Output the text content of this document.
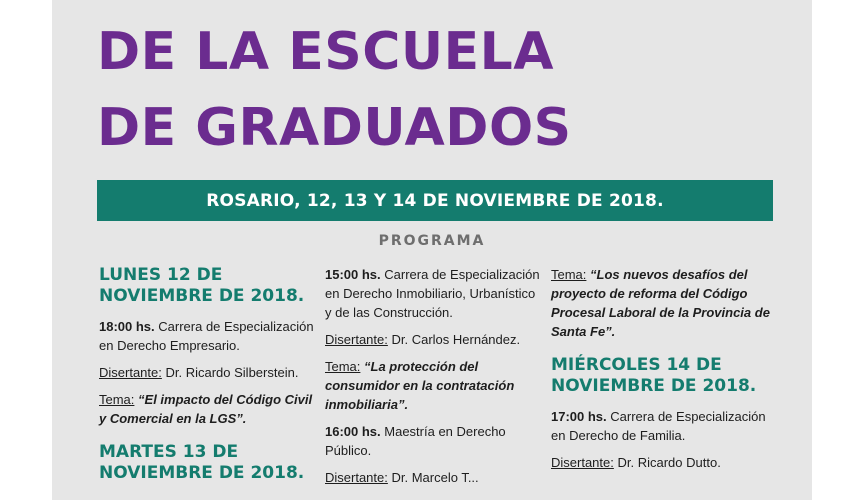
DE LA ESCUELA
DE GRADUADOS
ROSARIO, 12, 13 Y 14 DE NOVIEMBRE DE 2018.
PROGRAMA
LUNES 12 DE
NOVIEMBRE DE 2018.

18:00 hs. Carrera de Especialización en Derecho Empresario.

Disertante: Dr. Ricardo Silberstein.

Tema: “El impacto del Código Civil y Comercial en la LGS”.

MARTES 13 DE
NOVIEMBRE DE 2018.

15:00 hs. Carrera de Especialización en Derecho Inmobiliario, Urbanístico y de las Construcción.

Disertante: Dr. Carlos Hernández.

Tema: “La protección del consumidor en la contratación inmobiliaria”.

16:00 hs. Maestría en Derecho Público.

Disertante: Dr. Marcelo T...

Tema: “Los nuevos desafíos del proyecto de reforma del Código Procesal Laboral de la Provincia de Santa Fe”.

MIÉRCOLES 14 DE
NOVIEMBRE DE 2018.

17:00 hs. Carrera de Especialización en Derecho de Familia.

Disertante: Dr. Ricardo Dutto.
